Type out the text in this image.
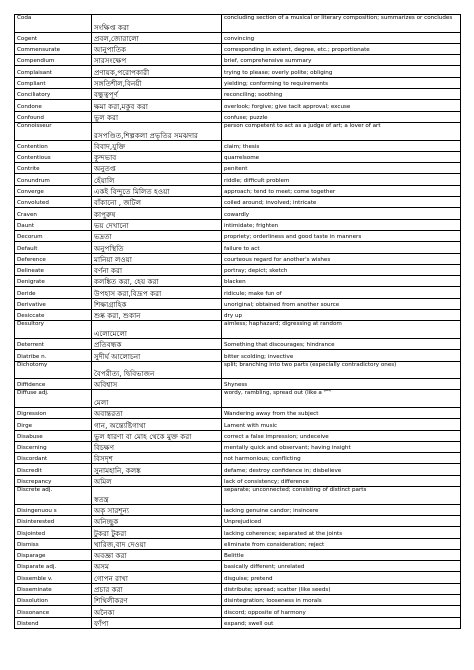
Coda	সংক্ষিপ্ত করা	concluding section of a musical or literary composition; summarizes or concludes
Cogent	প্রবল,জোরালো	convincing
Commensurate	আনুপাতিক	corresponding in extent, degree, etc.; proportionate
Compendium	সারসংক্ষেপ	brief, comprehensive summary
Complaisant	প্রণায়ক,পরোপকারী	trying to please; overly polite; obliging
Compliant	সঙ্গতিশীল,বিনয়ী	yielding; conforming to requirements
Conciliatory	বন্ধুত্বপূর্ণ	reconciling; soothing
Condone	ক্ষমা করা,মকুব করা	overlook; forgive; give tacit approval; excuse
Confound	ভুল করা	confuse; puzzle
Connoisseur	রসপণ্ডিত,শিল্পকলা প্রভৃতির সমঝদার	person competent to act as a judge of art; a lover of art
Contention	বিবাদ,যুক্তি	claim; thesis
Contentious	কুন্দভাব	quarrelsome
Contrite	অনুতপ্ত	penitent
Conundrum	হেঁয়ালি	riddle; difficult problem
Converge	একই বিন্দুতে মিলিত হওয়া	approach; tend to meet; come together
Convoluted	বাঁকানো , জটিল	coiled around; involved; intricate
Craven	কাপুরুষ	cowardly
Daunt	ভয় দেখানো	intimidate; frighten
Decorum	ভদ্রতা	propriety; orderliness and good taste in manners
Default	অনুপস্থিতি	failure to act
Deference	মানিয়া লওয়া	courteous regard for another's wishes
Delineate	বর্ণনা করা	portray; depict; sketch
Denigrate	কলঙ্কিত করা, হেয় করা	blacken
Deride	উপহাস করা,বিদ্রূপ করা	ridicule; make fun of
Derivative	শিক্ষাগ্রাহিক	unoriginal; obtained from another source
Desiccate	শুষ্ক করা, শুকান	dry up
Desultory	এলোমেলো	aimless; haphazard; digressing at random
Deterrent	প্রতিবন্ধক	Something that discourages; hindrance
Diatribe n.	সুদীর্ঘ আলোচনা	bitter scolding; invective
Dichotomy	বৈপরীত্য, দ্বিবিভাজন	split; branching into two parts (especially contradictory ones)
Diffidence	অবিশ্বাস	Shyness
Diffuse adj.	মেলা	wordy, rambling, spread out (like a $^{gas)}$
Digression	অবান্তরতা	Wandering away from the subject
Dirge	গান, অন্ত্যেষ্টিগাথা	Lament with music
Disabuse	ভুল ধারণা বা মোহ থেকে মুক্ত করা	correct a false impression; undeceive
Discerning	বিচক্ষণ	mentally quick and observant; having insight
Discordant	বিসদৃশ	not harmonious; conflicting
Discredit	সুনামহানি, কলঙ্ক	defame; destroy confidence in; disbelieve
Discrepancy	অমিল	lack of consistency; difference
Discrete adj.	স্বতন্ত্র	separate; unconnected; consisting of distinct parts
Disingenuou s	অকৃ সারশূন্য	lacking genuine candor; insincere
Disinterested	অনিচ্ছুক	Unprejudiced
Disjointed	টুকরা টুকরা	lacking coherence; separated at the joints
Dismiss	খারিজ,বাদ দেওয়া	eliminate from consideration; reject
Disparage	অবজ্ঞা করা	Belittle
Disparate adj.	অসম	basically different; unrelated
Dissemble v.	গোপন রাখা	disguise; pretend
Disseminate	প্রচার করা	distribute; spread; scatter (like seeds)
Dissolution	শিথিলীকরণ	disintegration; looseness in morals
Dissonance	অনৈক্য	discord; opposite of harmony
Distend	ফাঁপা	expand; swell out
